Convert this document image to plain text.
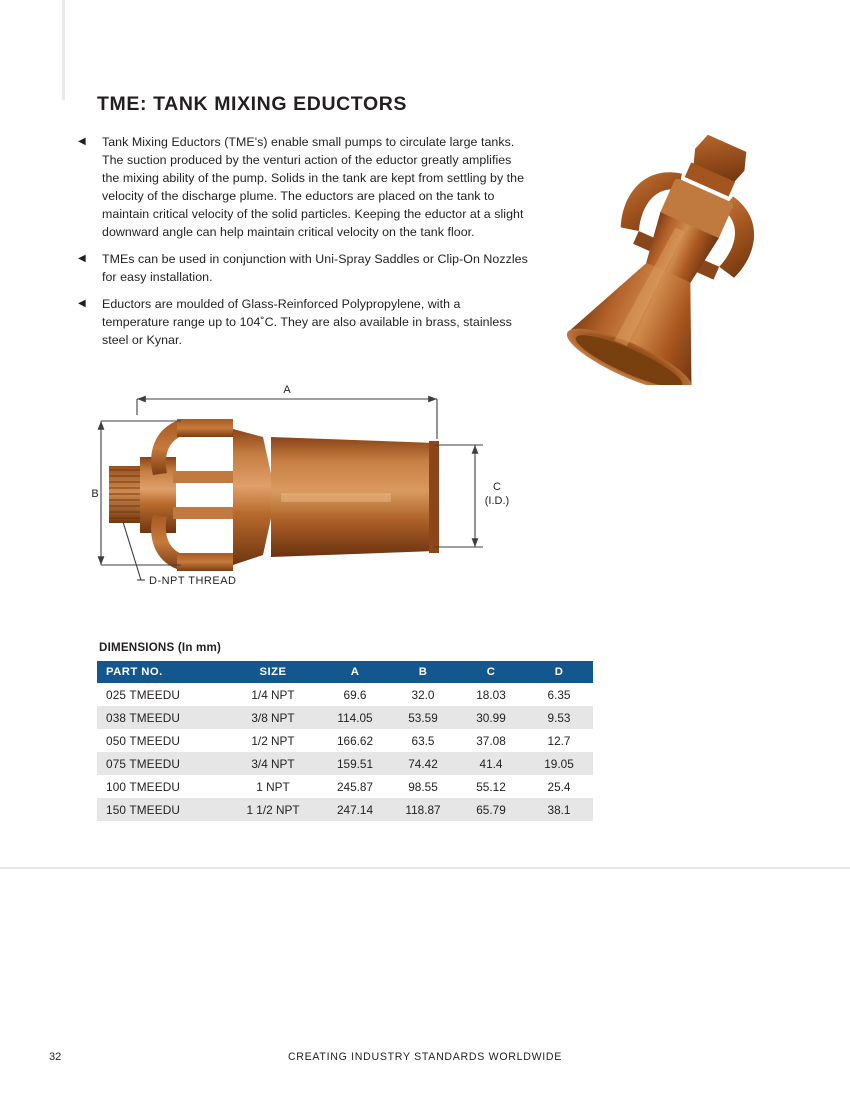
TME: TANK MIXING EDUCTORS
◀ Tank Mixing Eductors (TME's) enable small pumps to circulate large tanks. The suction produced by the venturi action of the eductor greatly amplifies the mixing ability of the pump. Solids in the tank are kept from settling by the velocity of the discharge plume. The eductors are placed on the tank to maintain critical velocity of the solid particles. Keeping the eductor at a slight downward angle can help maintain critical velocity on the tank floor.
◀ TMEs can be used in conjunction with Uni-Spray Saddles or Clip-On Nozzles for easy installation.
◀ Eductors are moulded of Glass-Reinforced Polypropylene, with a temperature range up to 104˚C. They are also available in brass, stainless steel or Kynar.
A
B
C
(I.D.)
D-NPT THREAD
DIMENSIONS (In mm)
PART NO.	SIZE	A	B	C	D
025 TMEEDU	1/4 NPT	69.6	32.0	18.03	6.35
038 TMEEDU	3/8 NPT	114.05	53.59	30.99	9.53
050 TMEEDU	1/2 NPT	166.62	63.5	37.08	12.7
075 TMEEDU	3/4 NPT	159.51	74.42	41.4	19.05
100 TMEEDU	1 NPT	245.87	98.55	55.12	25.4
150 TMEEDU	1 1/2 NPT	247.14	118.87	65.79	38.1
32	CREATING INDUSTRY STANDARDS WORLDWIDE
